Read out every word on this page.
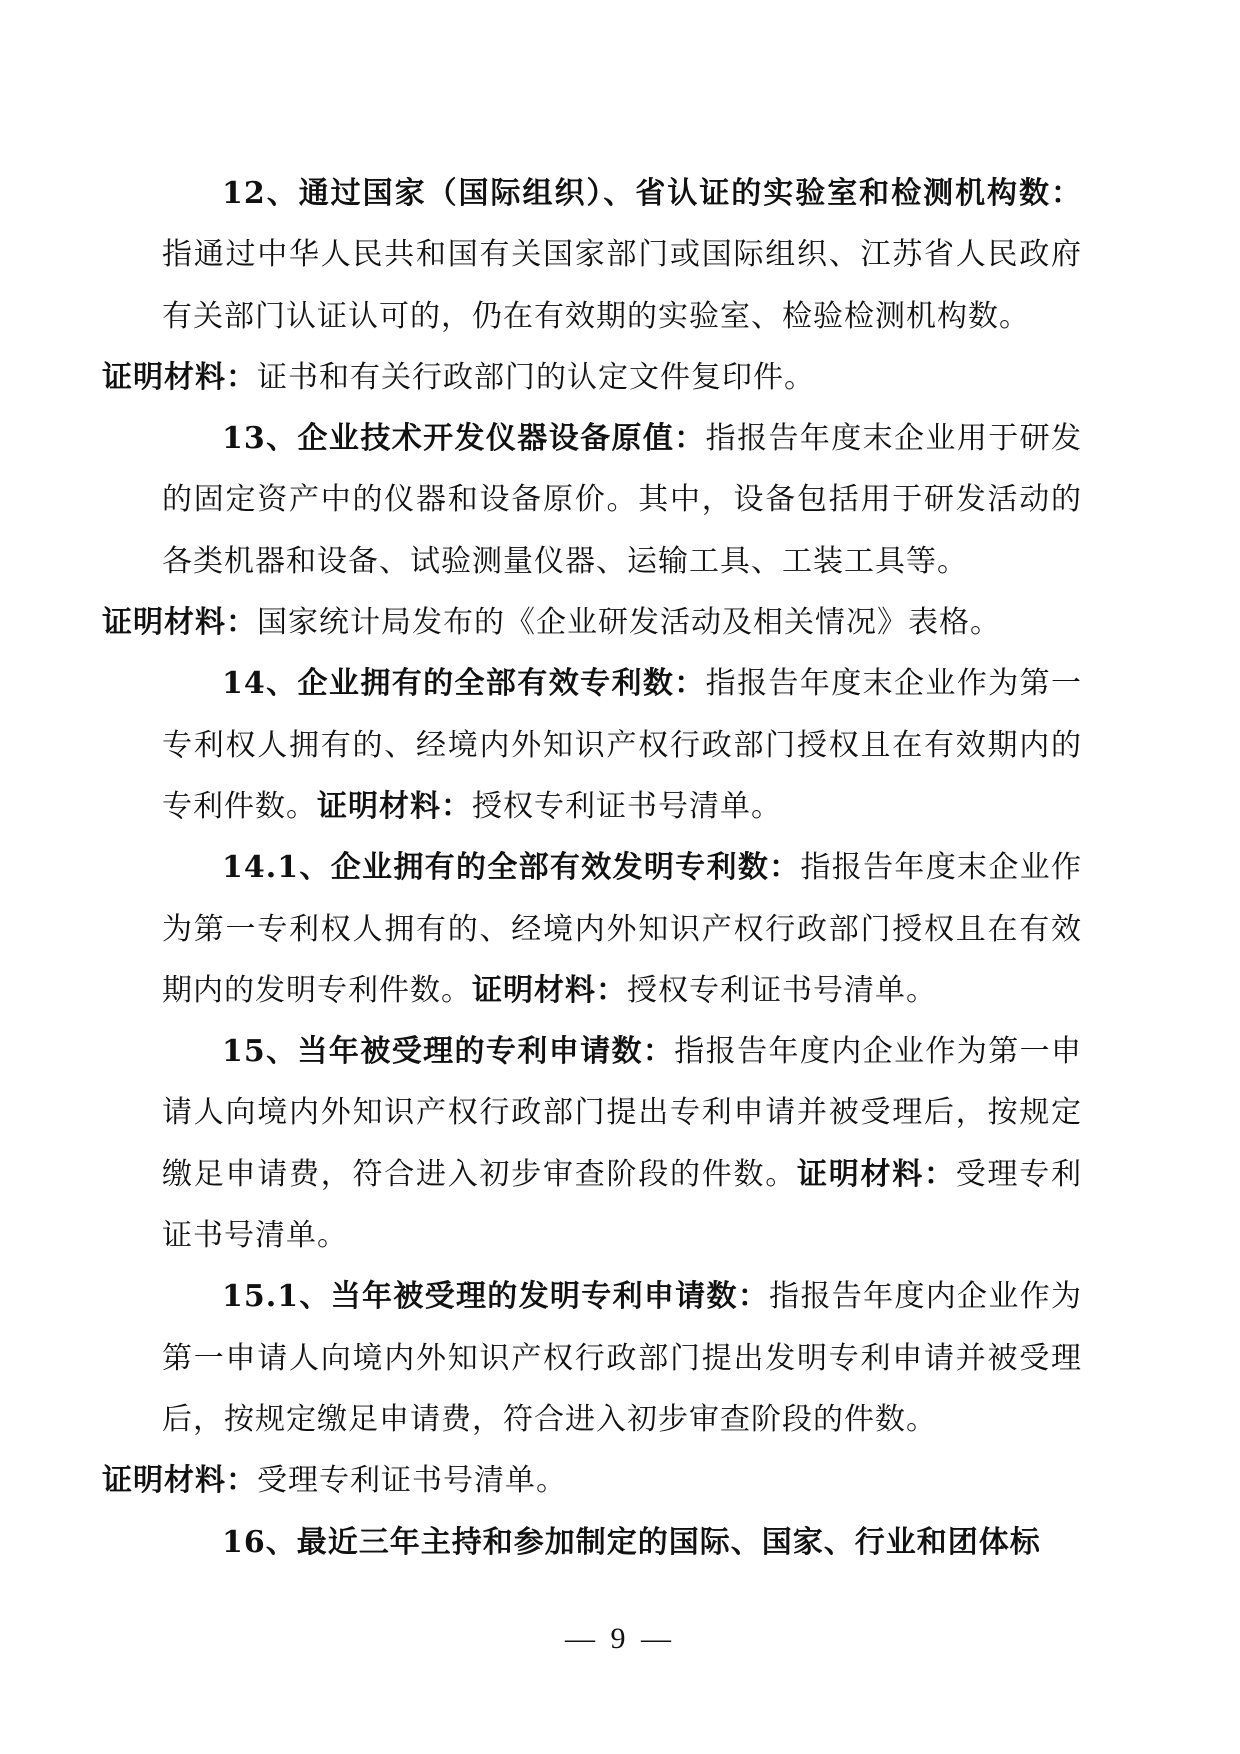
12、通过国家（国际组织）、省认证的实验室和检测机构数：指通过中华人民共和国有关国家部门或国际组织、江苏省人民政府有关部门认证认可的，仍在有效期的实验室、检验检测机构数。
证明材料：证书和有关行政部门的认定文件复印件。

13、企业技术开发仪器设备原值：指报告年度末企业用于研发的固定资产中的仪器和设备原价。其中，设备包括用于研发活动的各类机器和设备、试验测量仪器、运输工具、工装工具等。
证明材料：国家统计局发布的《企业研发活动及相关情况》表格。

14、企业拥有的全部有效专利数：指报告年度末企业作为第一专利权人拥有的、经境内外知识产权行政部门授权且在有效期内的专利件数。证明材料：授权专利证书号清单。

14.1、企业拥有的全部有效发明专利数：指报告年度末企业作为第一专利权人拥有的、经境内外知识产权行政部门授权且在有效期内的发明专利件数。证明材料：授权专利证书号清单。

15、当年被受理的专利申请数：指报告年度内企业作为第一申请人向境内外知识产权行政部门提出专利申请并被受理后，按规定缴足申请费，符合进入初步审查阶段的件数。证明材料：受理专利证书号清单。

15.1、当年被受理的发明专利申请数：指报告年度内企业作为第一申请人向境内外知识产权行政部门提出发明专利申请并被受理后，按规定缴足申请费，符合进入初步审查阶段的件数。
证明材料：受理专利证书号清单。

16、最近三年主持和参加制定的国际、国家、行业和团体标

— 9 —
